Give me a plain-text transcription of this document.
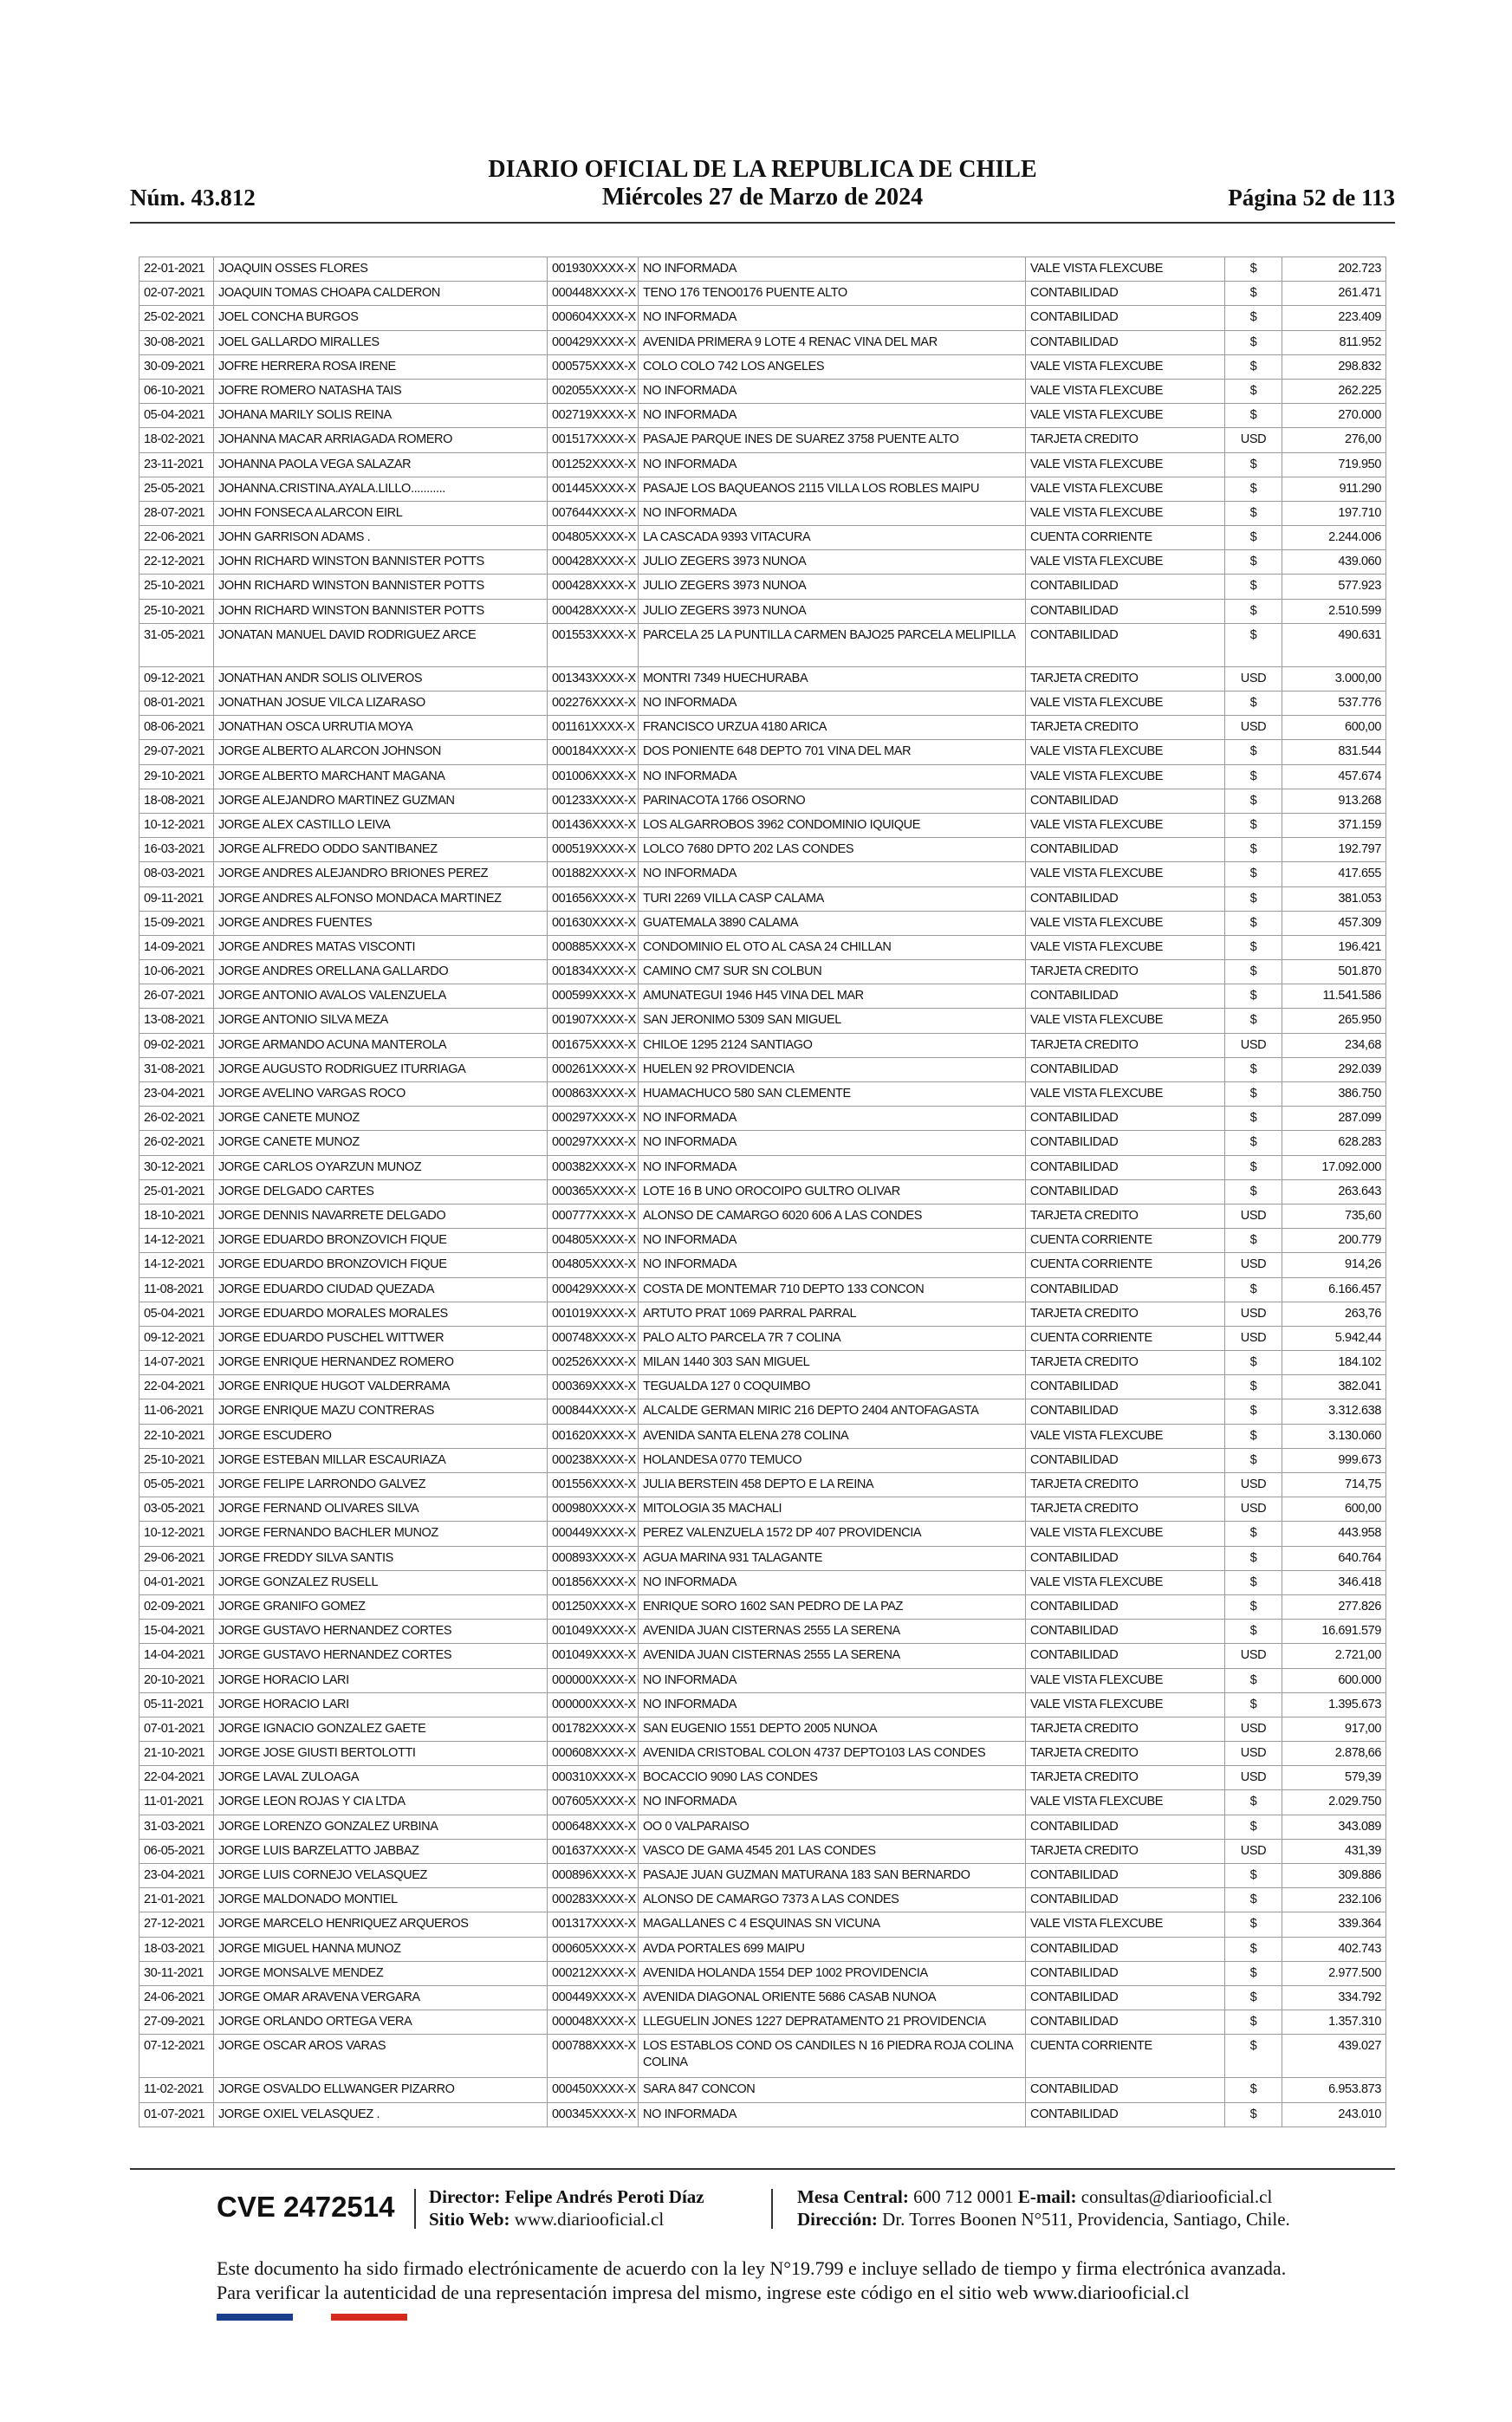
Núm. 43.812
DIARIO OFICIAL DE LA REPUBLICA DE CHILE
Miércoles 27 de Marzo de 2024	Página 52 de 113
22-01-2021	JOAQUIN OSSES FLORES	001930XXXX-X	NO INFORMADA	VALE VISTA FLEXCUBE	$	202.723
02-07-2021	JOAQUIN TOMAS CHOAPA CALDERON	000448XXXX-X	TENO 176 TENO0176 PUENTE ALTO	CONTABILIDAD	$	261.471
25-02-2021	JOEL CONCHA BURGOS	000604XXXX-X	NO INFORMADA	CONTABILIDAD	$	223.409
30-08-2021	JOEL GALLARDO MIRALLES	000429XXXX-X	AVENIDA PRIMERA 9 LOTE 4 RENAC VINA DEL MAR	CONTABILIDAD	$	811.952
30-09-2021	JOFRE HERRERA ROSA IRENE	000575XXXX-X	COLO COLO 742 LOS ANGELES	VALE VISTA FLEXCUBE	$	298.832
06-10-2021	JOFRE ROMERO NATASHA TAIS	002055XXXX-X	NO INFORMADA	VALE VISTA FLEXCUBE	$	262.225
05-04-2021	JOHANA MARILY SOLIS REINA	002719XXXX-X	NO INFORMADA	VALE VISTA FLEXCUBE	$	270.000
18-02-2021	JOHANNA MACAR ARRIAGADA ROMERO	001517XXXX-X	PASAJE PARQUE INES DE SUAREZ 3758 PUENTE ALTO	TARJETA CREDITO	USD	276,00
23-11-2021	JOHANNA PAOLA VEGA SALAZAR	001252XXXX-X	NO INFORMADA	VALE VISTA FLEXCUBE	$	719.950
25-05-2021	JOHANNA.CRISTINA.AYALA.LILLO...........	001445XXXX-X	PASAJE LOS BAQUEANOS 2115 VILLA LOS ROBLES MAIPU	VALE VISTA FLEXCUBE	$	911.290
28-07-2021	JOHN FONSECA ALARCON EIRL	007644XXXX-X	NO INFORMADA	VALE VISTA FLEXCUBE	$	197.710
22-06-2021	JOHN GARRISON ADAMS .	004805XXXX-X	LA CASCADA 9393 VITACURA	CUENTA CORRIENTE	$	2.244.006
22-12-2021	JOHN RICHARD WINSTON BANNISTER POTTS	000428XXXX-X	JULIO ZEGERS 3973 NUNOA	VALE VISTA FLEXCUBE	$	439.060
25-10-2021	JOHN RICHARD WINSTON BANNISTER POTTS	000428XXXX-X	JULIO ZEGERS 3973 NUNOA	CONTABILIDAD	$	577.923
25-10-2021	JOHN RICHARD WINSTON BANNISTER POTTS	000428XXXX-X	JULIO ZEGERS 3973 NUNOA	CONTABILIDAD	$	2.510.599
31-05-2021	JONATAN MANUEL DAVID RODRIGUEZ ARCE	001553XXXX-X	PARCELA 25 LA PUNTILLA CARMEN BAJO25 PARCELA MELIPILLA	CONTABILIDAD	$	490.631
09-12-2021	JONATHAN ANDR SOLIS OLIVEROS	001343XXXX-X	MONTRI 7349 HUECHURABA	TARJETA CREDITO	USD	3.000,00
08-01-2021	JONATHAN JOSUE VILCA LIZARASO	002276XXXX-X	NO INFORMADA	VALE VISTA FLEXCUBE	$	537.776
08-06-2021	JONATHAN OSCA URRUTIA MOYA	001161XXXX-X	FRANCISCO URZUA 4180 ARICA	TARJETA CREDITO	USD	600,00
29-07-2021	JORGE ALBERTO ALARCON JOHNSON	000184XXXX-X	DOS PONIENTE 648 DEPTO 701 VINA DEL MAR	VALE VISTA FLEXCUBE	$	831.544
29-10-2021	JORGE ALBERTO MARCHANT MAGANA	001006XXXX-X	NO INFORMADA	VALE VISTA FLEXCUBE	$	457.674
18-08-2021	JORGE ALEJANDRO MARTINEZ GUZMAN	001233XXXX-X	PARINACOTA 1766 OSORNO	CONTABILIDAD	$	913.268
10-12-2021	JORGE ALEX CASTILLO LEIVA	001436XXXX-X	LOS ALGARROBOS 3962 CONDOMINIO IQUIQUE	VALE VISTA FLEXCUBE	$	371.159
16-03-2021	JORGE ALFREDO ODDO SANTIBANEZ	000519XXXX-X	LOLCO 7680 DPTO 202 LAS CONDES	CONTABILIDAD	$	192.797
08-03-2021	JORGE ANDRES ALEJANDRO BRIONES PEREZ	001882XXXX-X	NO INFORMADA	VALE VISTA FLEXCUBE	$	417.655
09-11-2021	JORGE ANDRES ALFONSO MONDACA MARTINEZ	001656XXXX-X	TURI 2269 VILLA CASP CALAMA	CONTABILIDAD	$	381.053
15-09-2021	JORGE ANDRES FUENTES	001630XXXX-X	GUATEMALA 3890 CALAMA	VALE VISTA FLEXCUBE	$	457.309
14-09-2021	JORGE ANDRES MATAS VISCONTI	000885XXXX-X	CONDOMINIO EL OTO AL CASA 24 CHILLAN	VALE VISTA FLEXCUBE	$	196.421
10-06-2021	JORGE ANDRES ORELLANA GALLARDO	001834XXXX-X	CAMINO CM7 SUR SN COLBUN	TARJETA CREDITO	$	501.870
26-07-2021	JORGE ANTONIO AVALOS VALENZUELA	000599XXXX-X	AMUNATEGUI 1946 H45 VINA DEL MAR	CONTABILIDAD	$	11.541.586
13-08-2021	JORGE ANTONIO SILVA MEZA	001907XXXX-X	SAN JERONIMO 5309 SAN MIGUEL	VALE VISTA FLEXCUBE	$	265.950
09-02-2021	JORGE ARMANDO ACUNA MANTEROLA	001675XXXX-X	CHILOE 1295 2124 SANTIAGO	TARJETA CREDITO	USD	234,68
31-08-2021	JORGE AUGUSTO RODRIGUEZ ITURRIAGA	000261XXXX-X	HUELEN 92 PROVIDENCIA	CONTABILIDAD	$	292.039
23-04-2021	JORGE AVELINO VARGAS ROCO	000863XXXX-X	HUAMACHUCO 580 SAN CLEMENTE	VALE VISTA FLEXCUBE	$	386.750
26-02-2021	JORGE CANETE MUNOZ	000297XXXX-X	NO INFORMADA	CONTABILIDAD	$	287.099
26-02-2021	JORGE CANETE MUNOZ	000297XXXX-X	NO INFORMADA	CONTABILIDAD	$	628.283
30-12-2021	JORGE CARLOS OYARZUN MUNOZ	000382XXXX-X	NO INFORMADA	CONTABILIDAD	$	17.092.000
25-01-2021	JORGE DELGADO CARTES	000365XXXX-X	LOTE 16 B UNO OROCOIPO GULTRO OLIVAR	CONTABILIDAD	$	263.643
18-10-2021	JORGE DENNIS NAVARRETE DELGADO	000777XXXX-X	ALONSO DE CAMARGO 6020 606 A LAS CONDES	TARJETA CREDITO	USD	735,60
14-12-2021	JORGE EDUARDO BRONZOVICH FIQUE	004805XXXX-X	NO INFORMADA	CUENTA CORRIENTE	$	200.779
14-12-2021	JORGE EDUARDO BRONZOVICH FIQUE	004805XXXX-X	NO INFORMADA	CUENTA CORRIENTE	USD	914,26
11-08-2021	JORGE EDUARDO CIUDAD QUEZADA	000429XXXX-X	COSTA DE MONTEMAR 710 DEPTO 133 CONCON	CONTABILIDAD	$	6.166.457
05-04-2021	JORGE EDUARDO MORALES MORALES	001019XXXX-X	ARTUTO PRAT 1069 PARRAL PARRAL	TARJETA CREDITO	USD	263,76
09-12-2021	JORGE EDUARDO PUSCHEL WITTWER	000748XXXX-X	PALO ALTO PARCELA 7R 7 COLINA	CUENTA CORRIENTE	USD	5.942,44
14-07-2021	JORGE ENRIQUE HERNANDEZ ROMERO	002526XXXX-X	MILAN 1440 303 SAN MIGUEL	TARJETA CREDITO	$	184.102
22-04-2021	JORGE ENRIQUE HUGOT VALDERRAMA	000369XXXX-X	TEGUALDA 127 0 COQUIMBO	CONTABILIDAD	$	382.041
11-06-2021	JORGE ENRIQUE MAZU CONTRERAS	000844XXXX-X	ALCALDE GERMAN MIRIC 216 DEPTO 2404 ANTOFAGASTA	CONTABILIDAD	$	3.312.638
22-10-2021	JORGE ESCUDERO	001620XXXX-X	AVENIDA SANTA ELENA 278 COLINA	VALE VISTA FLEXCUBE	$	3.130.060
25-10-2021	JORGE ESTEBAN MILLAR ESCAURIAZA	000238XXXX-X	HOLANDESA 0770 TEMUCO	CONTABILIDAD	$	999.673
05-05-2021	JORGE FELIPE LARRONDO GALVEZ	001556XXXX-X	JULIA BERSTEIN 458 DEPTO E LA REINA	TARJETA CREDITO	USD	714,75
03-05-2021	JORGE FERNAND OLIVARES SILVA	000980XXXX-X	MITOLOGIA 35 MACHALI	TARJETA CREDITO	USD	600,00
10-12-2021	JORGE FERNANDO BACHLER MUNOZ	000449XXXX-X	PEREZ VALENZUELA 1572 DP 407 PROVIDENCIA	VALE VISTA FLEXCUBE	$	443.958
29-06-2021	JORGE FREDDY SILVA SANTIS	000893XXXX-X	AGUA MARINA 931 TALAGANTE	CONTABILIDAD	$	640.764
04-01-2021	JORGE GONZALEZ RUSELL	001856XXXX-X	NO INFORMADA	VALE VISTA FLEXCUBE	$	346.418
02-09-2021	JORGE GRANIFO GOMEZ	001250XXXX-X	ENRIQUE SORO 1602 SAN PEDRO DE LA PAZ	CONTABILIDAD	$	277.826
15-04-2021	JORGE GUSTAVO HERNANDEZ CORTES	001049XXXX-X	AVENIDA JUAN CISTERNAS 2555 LA SERENA	CONTABILIDAD	$	16.691.579
14-04-2021	JORGE GUSTAVO HERNANDEZ CORTES	001049XXXX-X	AVENIDA JUAN CISTERNAS 2555 LA SERENA	CONTABILIDAD	USD	2.721,00
20-10-2021	JORGE HORACIO LARI	000000XXXX-X	NO INFORMADA	VALE VISTA FLEXCUBE	$	600.000
05-11-2021	JORGE HORACIO LARI	000000XXXX-X	NO INFORMADA	VALE VISTA FLEXCUBE	$	1.395.673
07-01-2021	JORGE IGNACIO GONZALEZ GAETE	001782XXXX-X	SAN EUGENIO 1551 DEPTO 2005 NUNOA	TARJETA CREDITO	USD	917,00
21-10-2021	JORGE JOSE GIUSTI BERTOLOTTI	000608XXXX-X	AVENIDA CRISTOBAL COLON 4737 DEPTO103 LAS CONDES	TARJETA CREDITO	USD	2.878,66
22-04-2021	JORGE LAVAL ZULOAGA	000310XXXX-X	BOCACCIO 9090 LAS CONDES	TARJETA CREDITO	USD	579,39
11-01-2021	JORGE LEON ROJAS Y CIA LTDA	007605XXXX-X	NO INFORMADA	VALE VISTA FLEXCUBE	$	2.029.750
31-03-2021	JORGE LORENZO GONZALEZ URBINA	000648XXXX-X	OO 0 VALPARAISO	CONTABILIDAD	$	343.089
06-05-2021	JORGE LUIS BARZELATTO JABBAZ	001637XXXX-X	VASCO DE GAMA 4545 201 LAS CONDES	TARJETA CREDITO	USD	431,39
23-04-2021	JORGE LUIS CORNEJO VELASQUEZ	000896XXXX-X	PASAJE JUAN GUZMAN MATURANA 183 SAN BERNARDO	CONTABILIDAD	$	309.886
21-01-2021	JORGE MALDONADO MONTIEL	000283XXXX-X	ALONSO DE CAMARGO 7373 A LAS CONDES	CONTABILIDAD	$	232.106
27-12-2021	JORGE MARCELO HENRIQUEZ ARQUEROS	001317XXXX-X	MAGALLANES C 4 ESQUINAS SN VICUNA	VALE VISTA FLEXCUBE	$	339.364
18-03-2021	JORGE MIGUEL HANNA MUNOZ	000605XXXX-X	AVDA PORTALES 699 MAIPU	CONTABILIDAD	$	402.743
30-11-2021	JORGE MONSALVE MENDEZ	000212XXXX-X	AVENIDA HOLANDA 1554 DEP 1002 PROVIDENCIA	CONTABILIDAD	$	2.977.500
24-06-2021	JORGE OMAR ARAVENA VERGARA	000449XXXX-X	AVENIDA DIAGONAL ORIENTE 5686 CASAB NUNOA	CONTABILIDAD	$	334.792
27-09-2021	JORGE ORLANDO ORTEGA VERA	000048XXXX-X	LLEGUELIN JONES 1227 DEPRATAMENTO 21 PROVIDENCIA	CONTABILIDAD	$	1.357.310
07-12-2021	JORGE OSCAR AROS VARAS	000788XXXX-X	LOS ESTABLOS COND OS CANDILES N 16 PIEDRA ROJA COLINA COLINA	CUENTA CORRIENTE	$	439.027
11-02-2021	JORGE OSVALDO ELLWANGER PIZARRO	000450XXXX-X	SARA 847 CONCON	CONTABILIDAD	$	6.953.873
01-07-2021	JORGE OXIEL VELASQUEZ .	000345XXXX-X	NO INFORMADA	CONTABILIDAD	$	243.010
CVE 2472514 Director: Felipe Andrés Peroti Díaz
Sitio Web: www.diariooficial.cl
Mesa Central: 600 712 0001 E-mail: consultas@diariooficial.cl
Dirección: Dr. Torres Boonen N°511, Providencia, Santiago, Chile.
Este documento ha sido firmado electrónicamente de acuerdo con la ley N°19.799 e incluye sellado de tiempo y firma electrónica avanzada. Para verificar la autenticidad de una representación impresa del mismo, ingrese este código en el sitio web www.diariooficial.cl
